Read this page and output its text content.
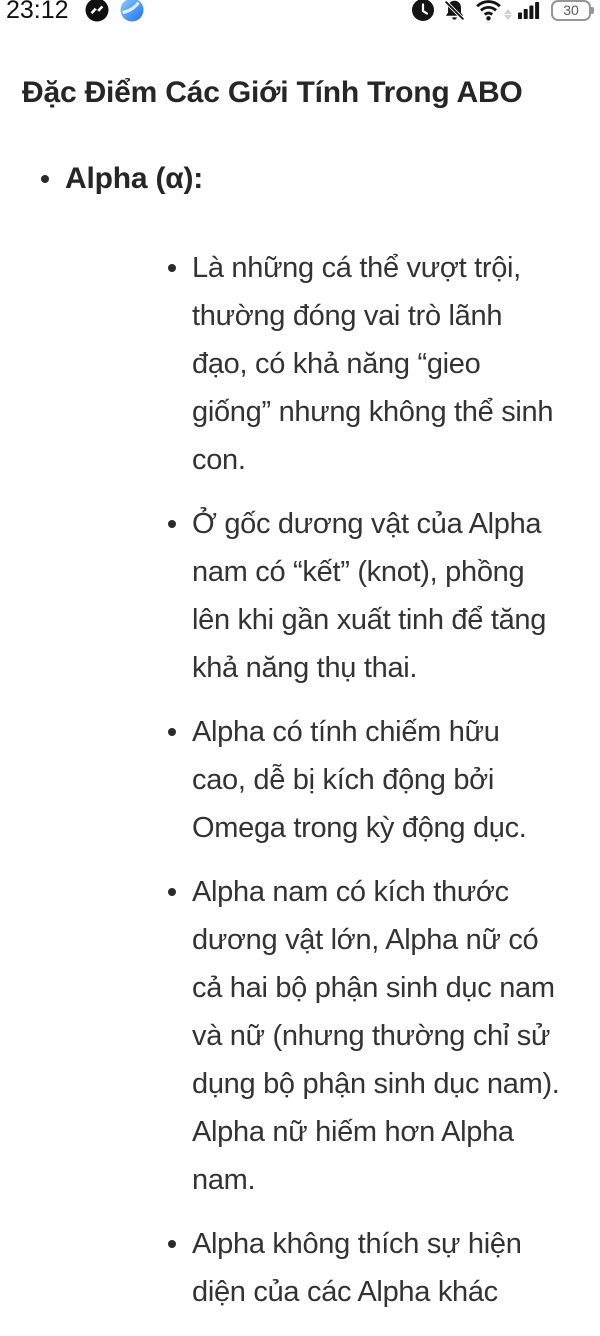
23:12	30
Đặc Điểm Các Giới Tính Trong ABO
Alpha (α):
Là những cá thể vượt trội, thường đóng vai trò lãnh đạo, có khả năng “gieo giống” nhưng không thể sinh con.
Ở gốc dương vật của Alpha nam có “kết” (knot), phồng lên khi gần xuất tinh để tăng khả năng thụ thai.
Alpha có tính chiếm hữu cao, dễ bị kích động bởi Omega trong kỳ động dục.
Alpha nam có kích thước dương vật lớn, Alpha nữ có cả hai bộ phận sinh dục nam và nữ (nhưng thường chỉ sử dụng bộ phận sinh dục nam). Alpha nữ hiếm hơn Alpha nam.
Alpha không thích sự hiện diện của các Alpha khác
